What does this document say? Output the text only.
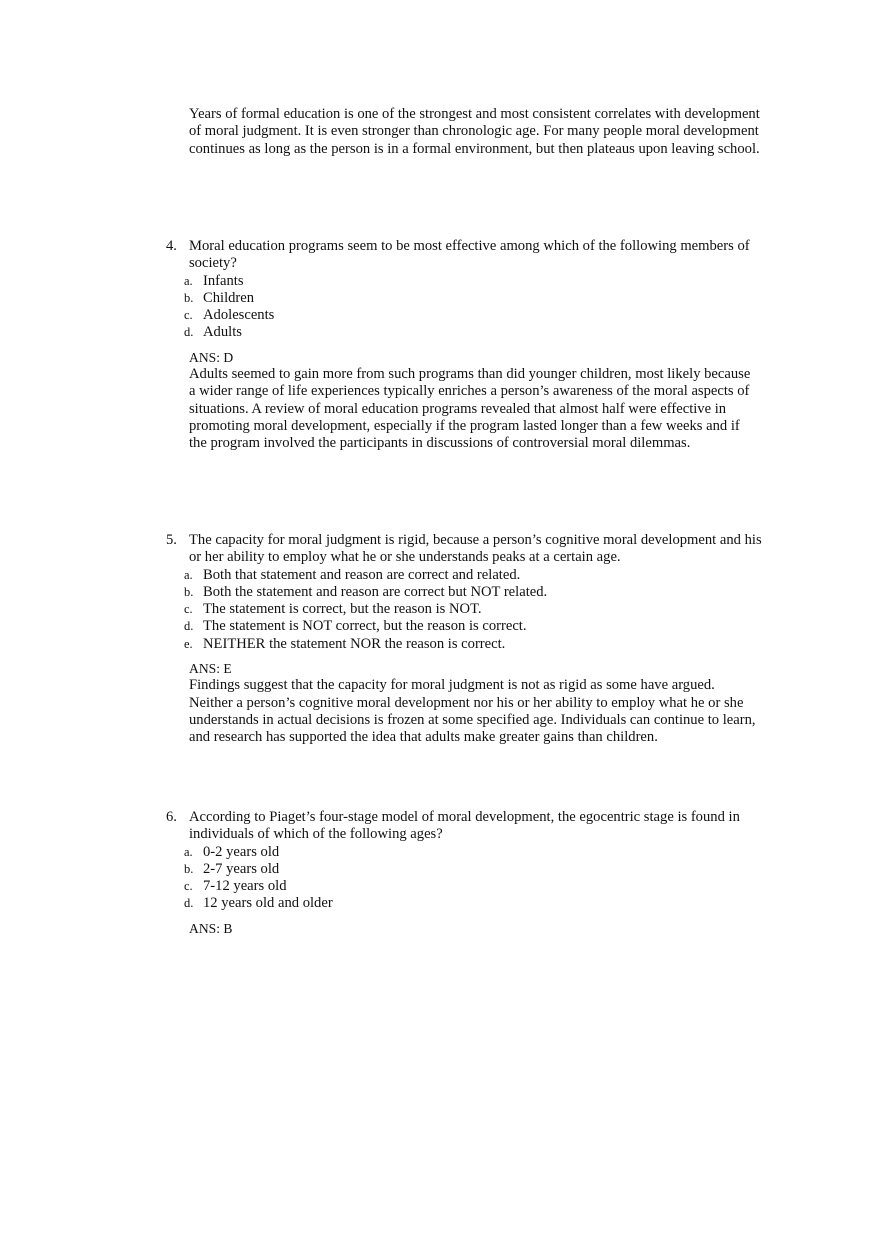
Years of formal education is one of the strongest and most consistent correlates with development of moral judgment. It is even stronger than chronologic age. For many people moral development continues as long as the person is in a formal environment, but then plateaus upon leaving school.
4. Moral education programs seem to be most effective among which of the following members of society?
a. Infants
b. Children
c. Adolescents
d. Adults
ANS: D
Adults seemed to gain more from such programs than did younger children, most likely because a wider range of life experiences typically enriches a person’s awareness of the moral aspects of situations. A review of moral education programs revealed that almost half were effective in promoting moral development, especially if the program lasted longer than a few weeks and if the program involved the participants in discussions of controversial moral dilemmas.
5. The capacity for moral judgment is rigid, because a person’s cognitive moral development and his or her ability to employ what he or she understands peaks at a certain age.
a. Both that statement and reason are correct and related.
b. Both the statement and reason are correct but NOT related.
c. The statement is correct, but the reason is NOT.
d. The statement is NOT correct, but the reason is correct.
e. NEITHER the statement NOR the reason is correct.
ANS: E
Findings suggest that the capacity for moral judgment is not as rigid as some have argued. Neither a person’s cognitive moral development nor his or her ability to employ what he or she understands in actual decisions is frozen at some specified age. Individuals can continue to learn, and research has supported the idea that adults make greater gains than children.
6. According to Piaget’s four-stage model of moral development, the egocentric stage is found in individuals of which of the following ages?
a. 0-2 years old
b. 2-7 years old
c. 7-12 years old
d. 12 years old and older
ANS: B
